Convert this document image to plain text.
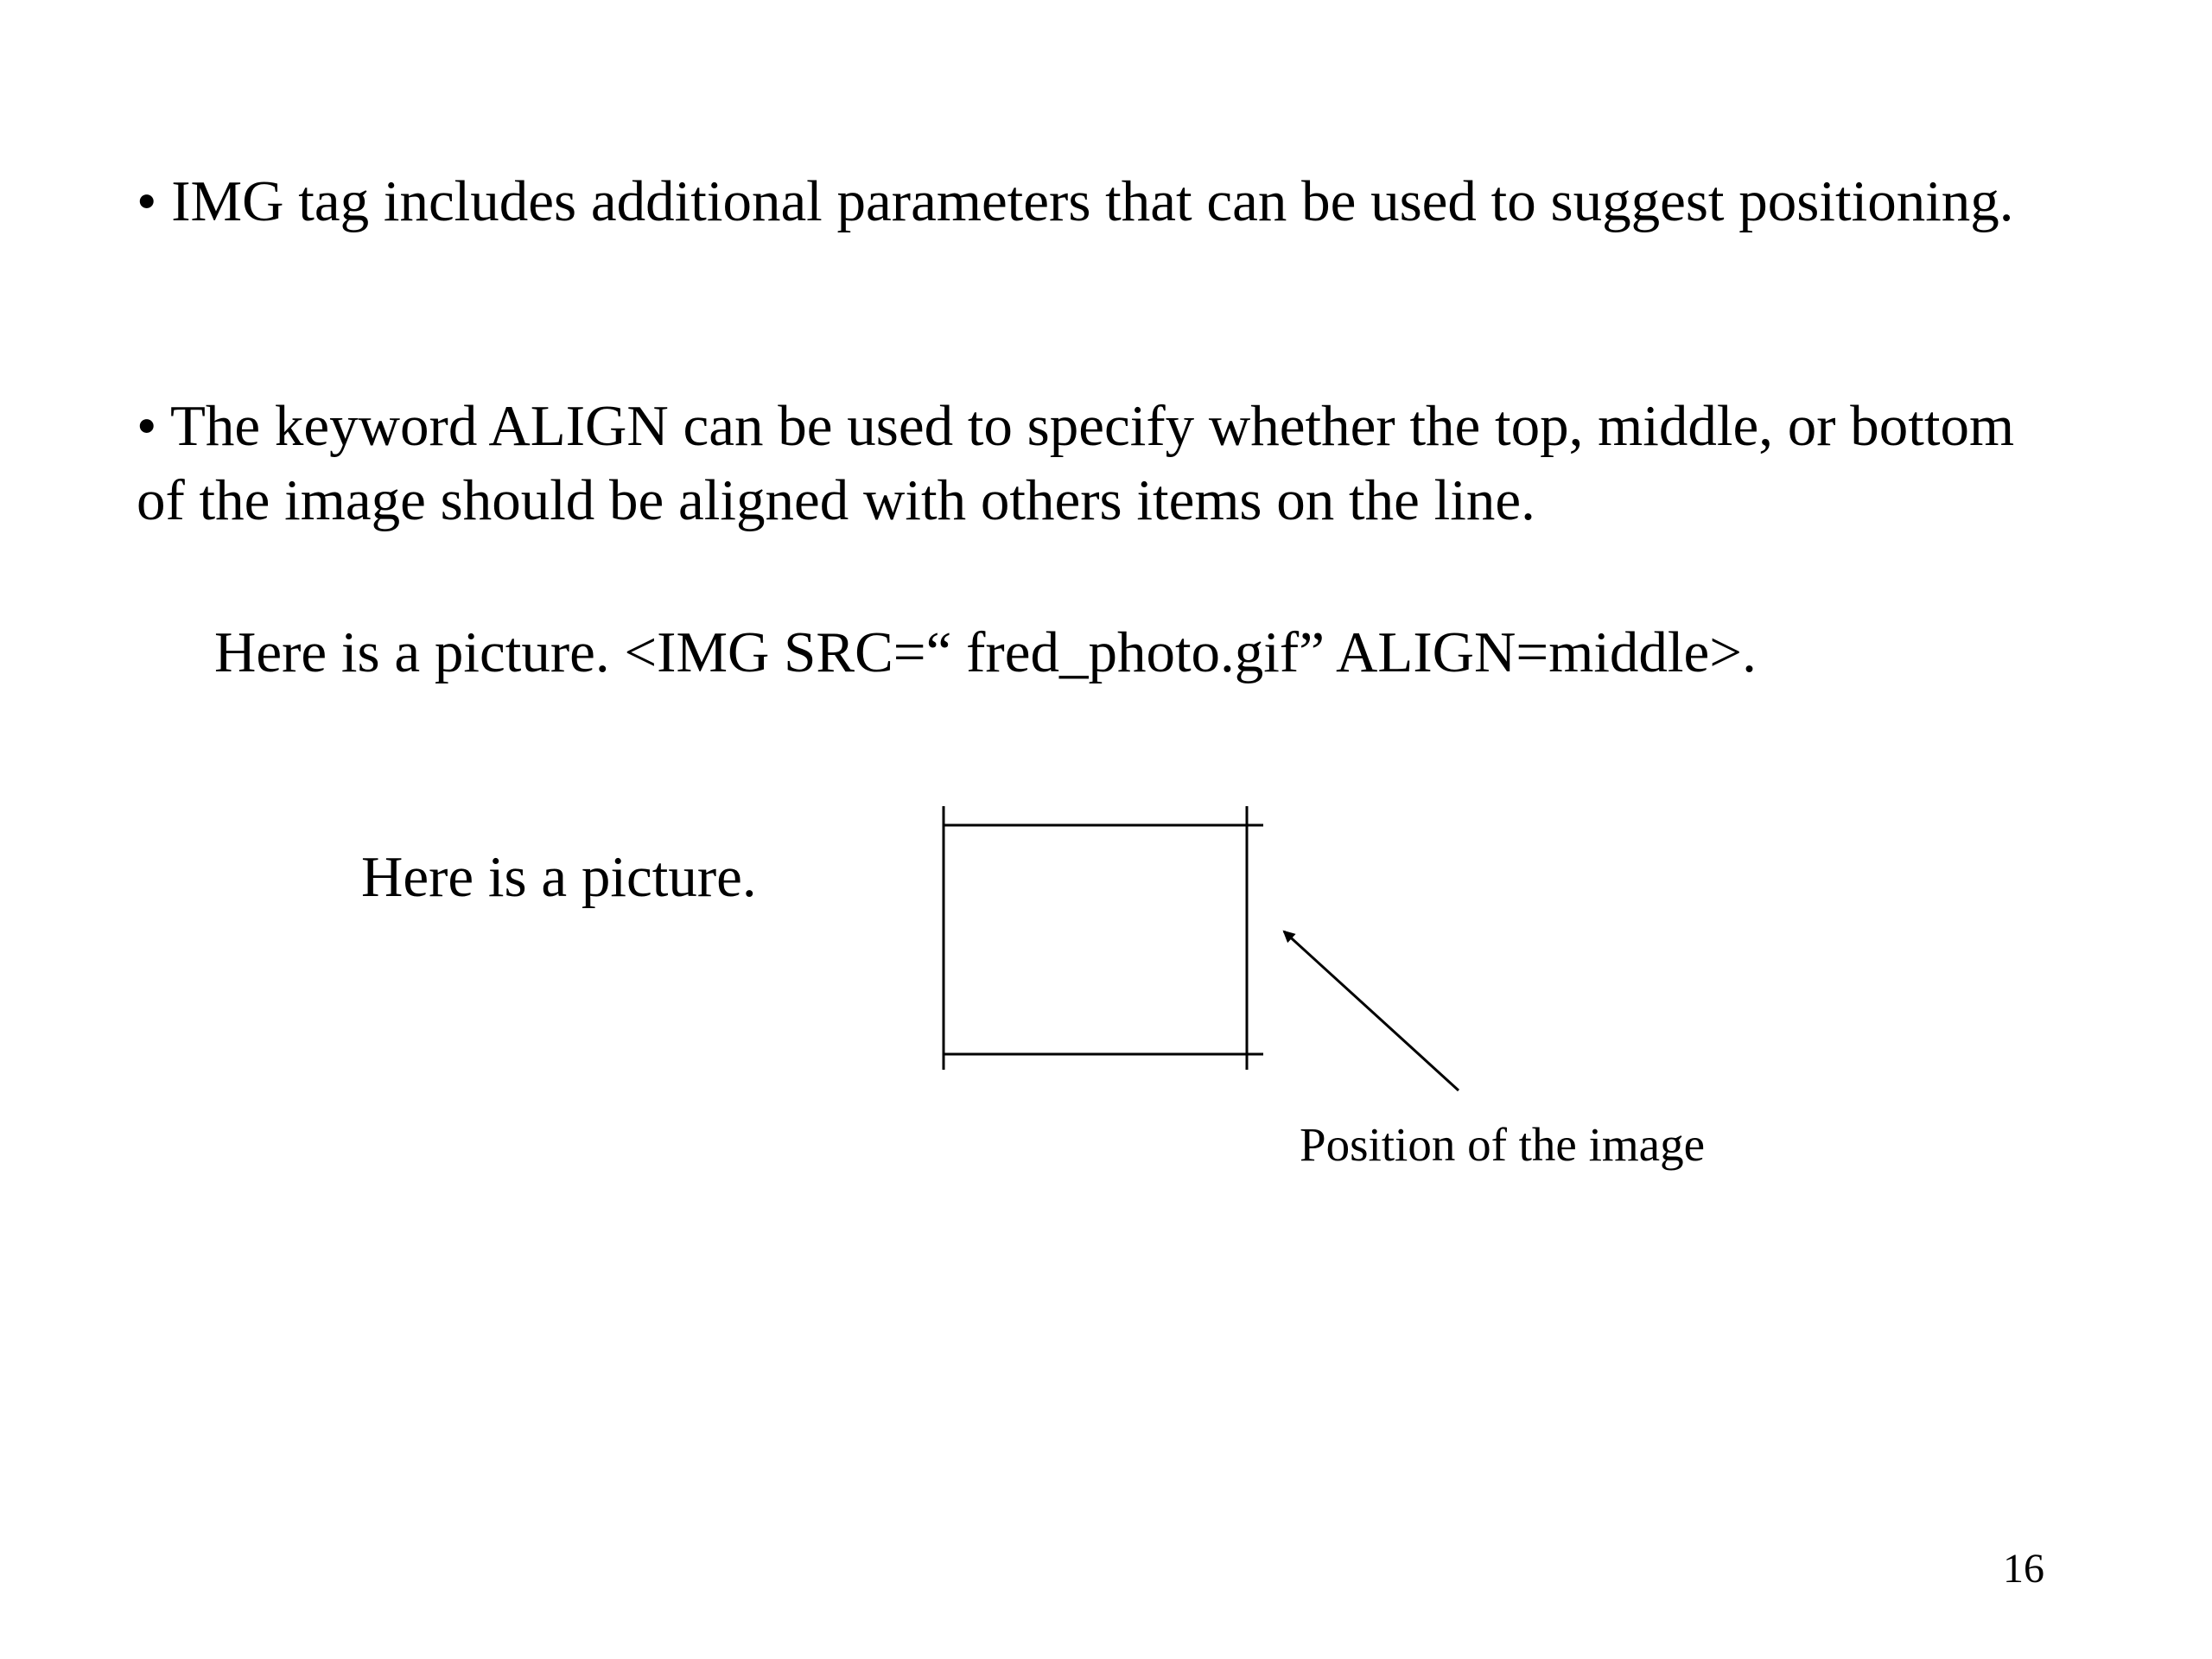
• IMG tag includes additional parameters that can be used to suggest positioning.

• The keyword ALIGN can be used to specify whether the top, middle, or bottom of the image should be aligned with others items on the line.

Here is a picture. <IMG SRC=“ fred_photo.gif” ALIGN=middle>.

Here is a picture.

Position of the image

16
